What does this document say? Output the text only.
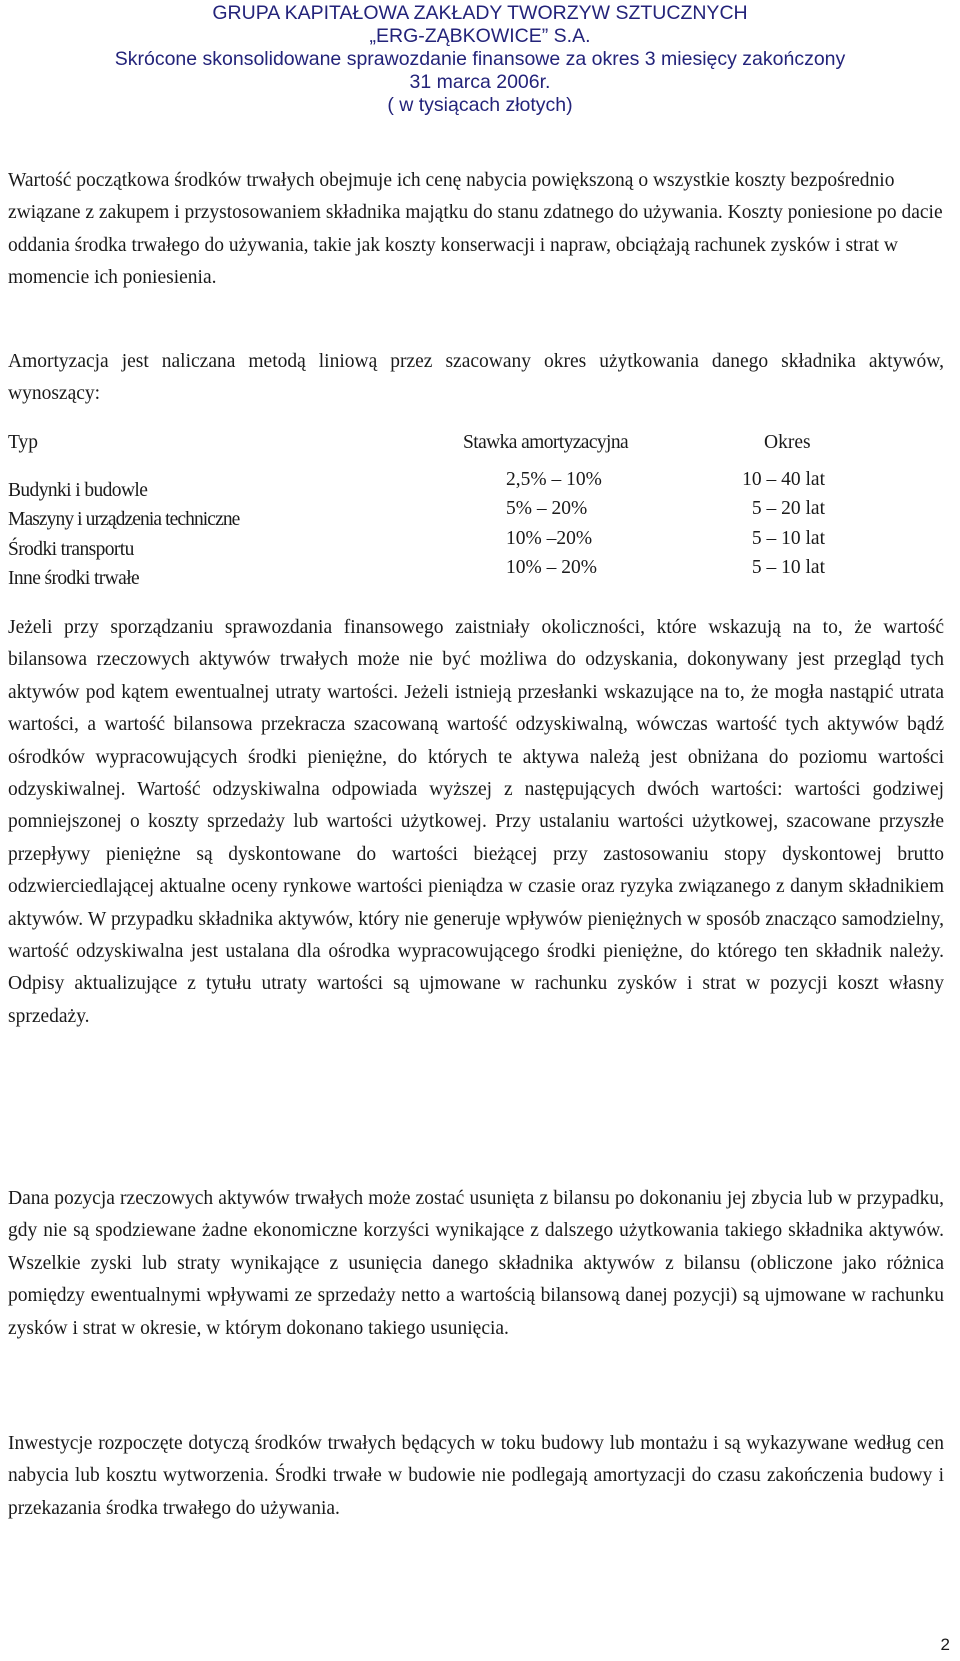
GRUPA KAPITAŁOWA ZAKŁADY TWORZYW SZTUCZNYCH
„ERG-ZĄBKOWICE” S.A.
Skrócone skonsolidowane sprawozdanie finansowe za okres 3 miesięcy zakończony
31 marca 2006r.
( w tysiącach złotych)
Wartość początkowa środków trwałych obejmuje ich cenę nabycia powiększoną o wszystkie koszty bezpośrednio związane z zakupem i przystosowaniem składnika majątku do stanu zdatnego do używania. Koszty poniesione po dacie oddania środka trwałego do używania, takie jak koszty konserwacji i napraw, obciążają rachunek zysków i strat w momencie ich poniesienia.
Amortyzacja jest naliczana metodą liniową przez szacowany okres użytkowania danego składnika aktywów, wynoszący:
Typ	Stawka amortyzacyjna	Okres
Budynki i budowle
Maszyny i urządzenia techniczne
Środki transportu
Inne środki trwałe
2,5% – 10%
5% – 20%
10% –20%
10% – 20%
10 – 40 lat
5 – 20 lat
5 – 10 lat
5 – 10 lat
Jeżeli przy sporządzaniu sprawozdania finansowego zaistniały okoliczności, które wskazują na to, że wartość bilansowa rzeczowych aktywów trwałych może nie być możliwa do odzyskania, dokonywany jest przegląd tych aktywów pod kątem ewentualnej utraty wartości. Jeżeli istnieją przesłanki wskazujące na to, że mogła nastąpić utrata wartości, a wartość bilansowa przekracza szacowaną wartość odzyskiwalną, wówczas wartość tych aktywów bądź ośrodków wypracowujących środki pieniężne, do których te aktywa należą jest obniżana do poziomu wartości odzyskiwalnej. Wartość odzyskiwalna odpowiada wyższej z następujących dwóch wartości: wartości godziwej pomniejszonej o koszty sprzedaży lub wartości użytkowej. Przy ustalaniu wartości użytkowej, szacowane przyszłe przepływy pieniężne są dyskontowane do wartości bieżącej przy zastosowaniu stopy dyskontowej brutto odzwierciedlającej aktualne oceny rynkowe wartości pieniądza w czasie oraz ryzyka związanego z danym składnikiem aktywów. W przypadku składnika aktywów, który nie generuje wpływów pieniężnych w sposób znacząco samodzielny, wartość odzyskiwalna jest ustalana dla ośrodka wypracowującego środki pieniężne, do którego ten składnik należy. Odpisy aktualizujące z tytułu utraty wartości są ujmowane w rachunku zysków i strat w pozycji koszt własny sprzedaży.
Dana pozycja rzeczowych aktywów trwałych może zostać usunięta z bilansu po dokonaniu jej zbycia lub w przypadku, gdy nie są spodziewane żadne ekonomiczne korzyści wynikające z dalszego użytkowania takiego składnika aktywów. Wszelkie zyski lub straty wynikające z usunięcia danego składnika aktywów z bilansu (obliczone jako różnica pomiędzy ewentualnymi wpływami ze sprzedaży netto a wartością bilansową danej pozycji) są ujmowane w rachunku zysków i strat w okresie, w którym dokonano takiego usunięcia.
Inwestycje rozpoczęte dotyczą środków trwałych będących w toku budowy lub montażu i są wykazywane według cen nabycia lub kosztu wytworzenia. Środki trwałe w budowie nie podlegają amortyzacji do czasu zakończenia budowy i przekazania środka trwałego do używania.
2
